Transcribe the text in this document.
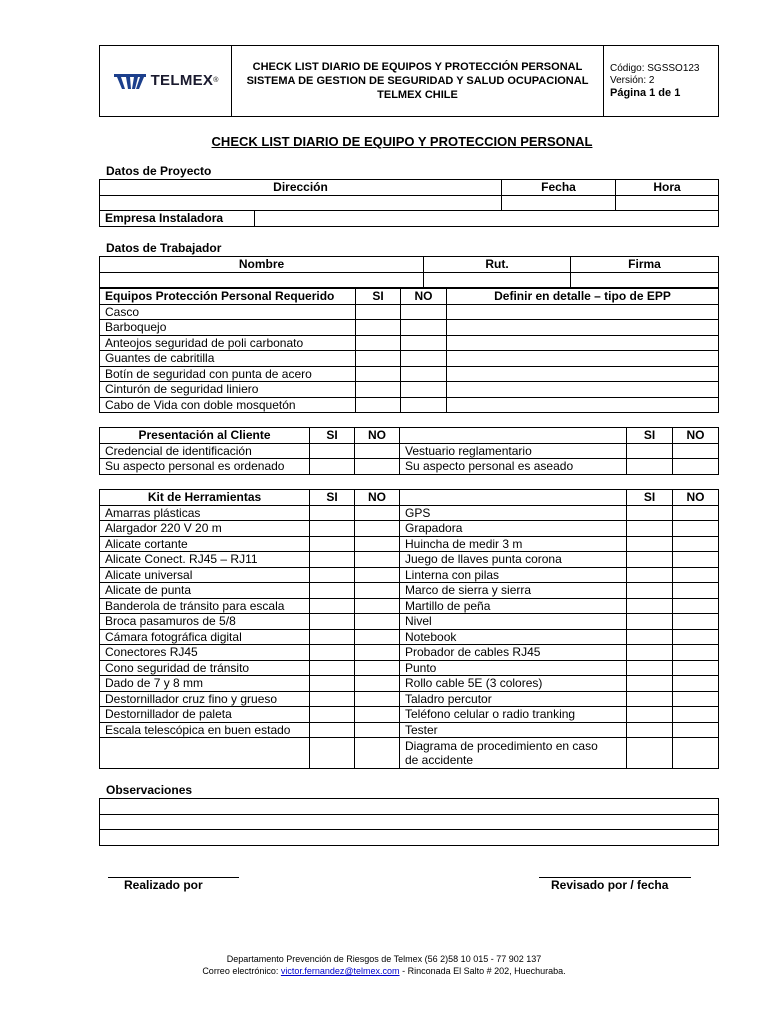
TELMEX ®

CHECK LIST DIARIO DE EQUIPOS Y PROTECCIÓN PERSONAL
SISTEMA DE GESTION DE SEGURIDAD Y SALUD OCUPACIONAL
TELMEX CHILE

Código: SGSSO123
Versión: 2
Página 1 de 1
CHECK LIST DIARIO DE EQUIPO Y PROTECCION PERSONAL
Datos de Proyecto
Dirección		Fecha	Hora

Empresa Instaladora			
Datos de Trabajador
Nombre	Rut.	Firma

Equipos Protección Personal Requerido	SI	NO	Definir en detalle – tipo de EPP
Casco			
Barboquejo			
Anteojos seguridad de poli carbonato			
Guantes de cabritilla			
Botín de seguridad con punta de acero			
Cinturón de seguridad liniero			
Cabo de Vida con doble mosquetón			
Presentación al Cliente	SI	NO		SI	NO
Credencial de identificación			Vestuario reglamentario		
Su aspecto personal es ordenado			Su aspecto personal es aseado		
Kit de Herramientas	SI	NO		SI	NO
Amarras plásticas			GPS		
Alargador 220 V 20 m			Grapadora		
Alicate cortante			Huincha de medir 3 m		
Alicate Conect. RJ45 – RJ11			Juego de llaves punta corona		
Alicate universal			Linterna con pilas		
Alicate de punta			Marco de sierra y sierra		
Banderola de tránsito para escala			Martillo de peña		
Broca pasamuros de 5/8			Nivel		
Cámara fotográfica digital			Notebook		
Conectores RJ45			Probador de cables RJ45		
Cono seguridad de tránsito			Punto		
Dado de 7 y 8 mm			Rollo cable 5E (3 colores)		
Destornillador cruz fino y grueso			Taladro percutor		
Destornillador de paleta			Teléfono celular o radio tranking		
Escala telescópica en buen estado			Tester		

			Diagrama de procedimiento en caso
de accidente		

Observaciones

Realizado por	Revisado por / fecha
Departamento Prevención de Riesgos de Telmex (56 2)58 10 015 - 77 902 137
Correo electrónico: victor.fernandez@telmex.com - Rinconada El Salto # 202, Huechuraba.
